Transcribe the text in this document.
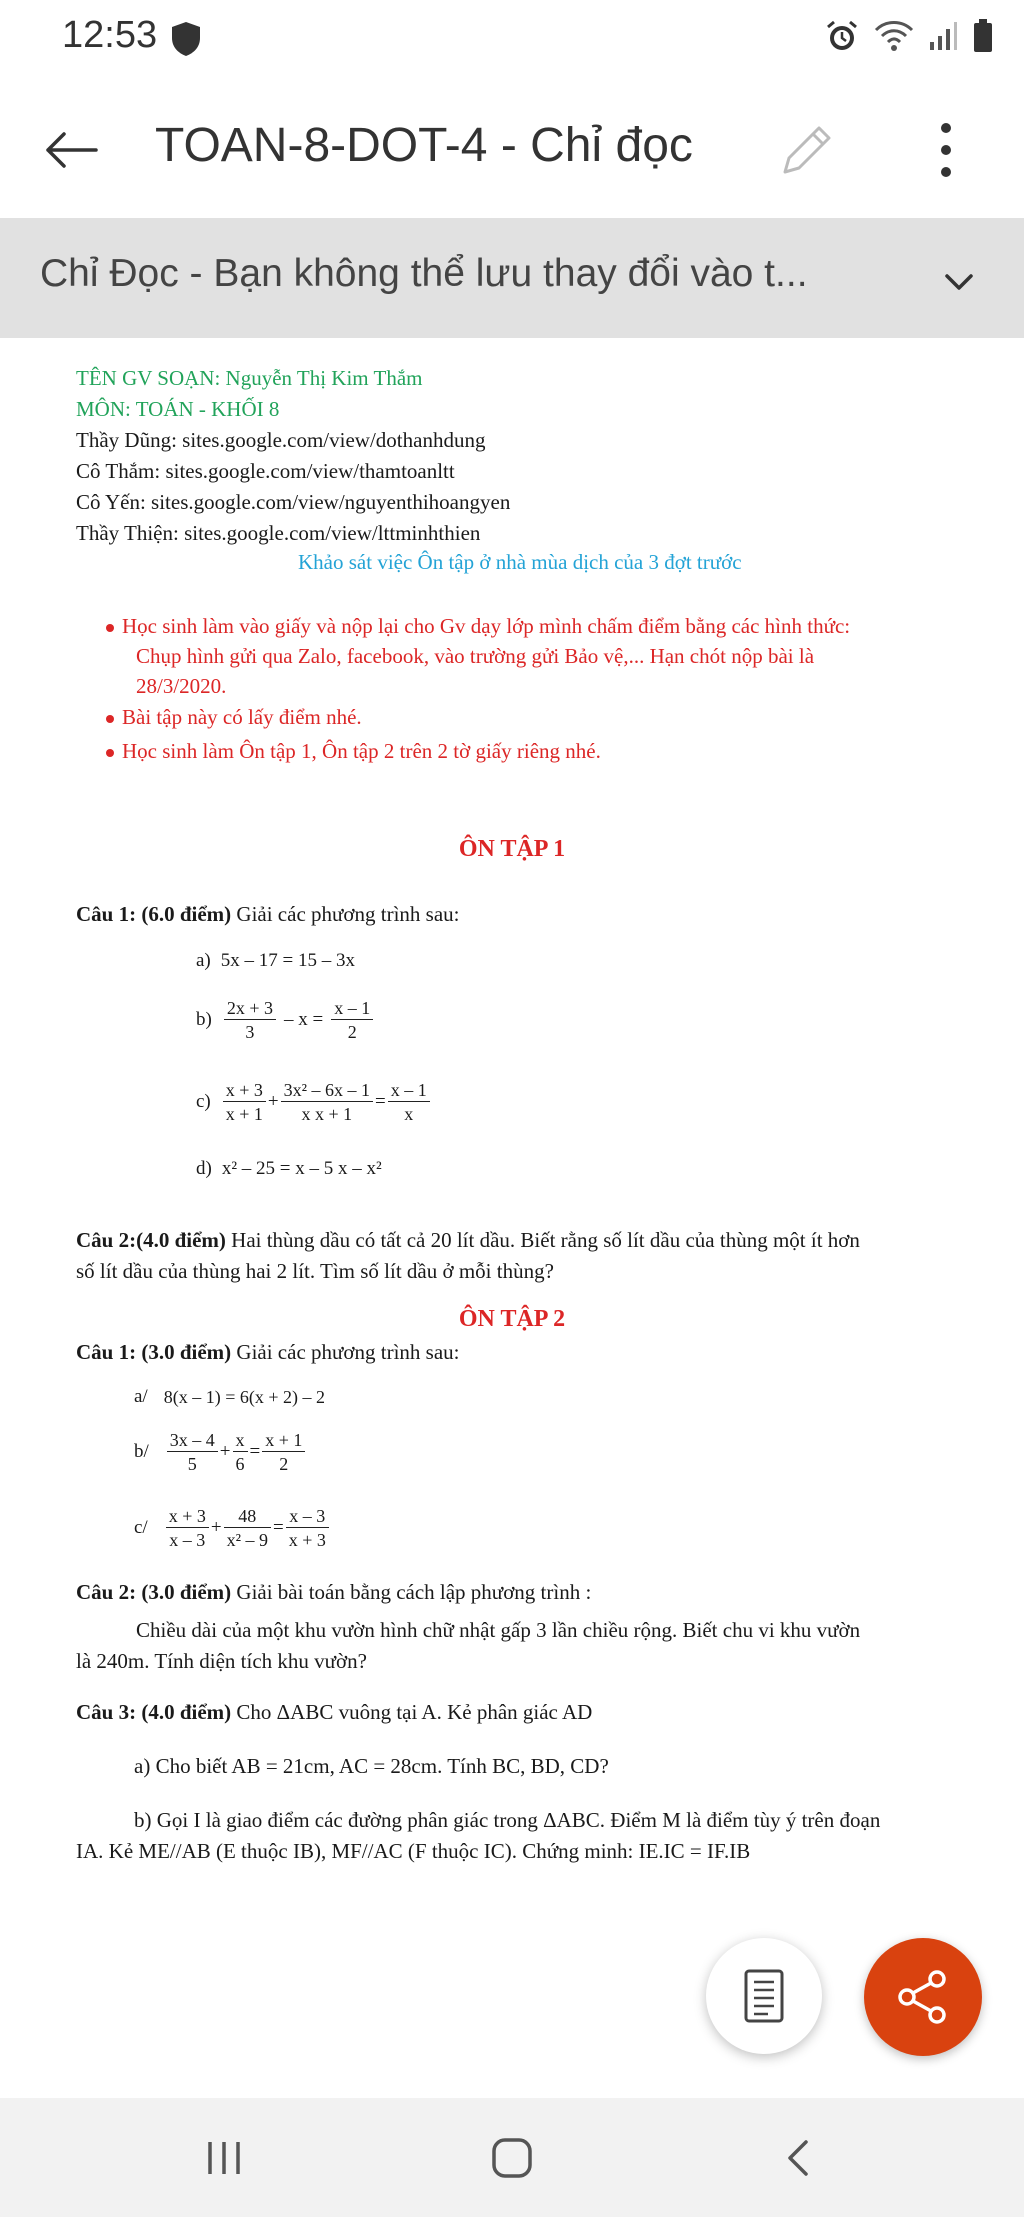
12:53
TOAN-8-DOT-4 - Chỉ đọc
Chỉ Đọc - Bạn không thể lưu thay đổi vào t...
TÊN GV SOẠN: Nguyễn Thị Kim Thắm
MÔN: TOÁN - KHỐI 8
Thầy Dũng: sites.google.com/view/dothanhdung
Cô Thắm: sites.google.com/view/thamtoanltt
Cô Yến: sites.google.com/view/nguyenthihoangyen
Thầy Thiện: sites.google.com/view/lttminhthien
Khảo sát việc Ôn tập ở nhà mùa dịch của 3 đợt trước
Học sinh làm vào giấy và nộp lại cho Gv dạy lớp mình chấm điểm bằng các hình thức:
Chụp hình gửi qua Zalo, facebook, vào trường gửi Bảo vệ,... Hạn chót nộp bài là
28/3/2020.
Bài tập này có lấy điểm nhé.
Học sinh làm Ôn tập 1, Ôn tập 2 trên 2 tờ giấy riêng nhé.
ÔN TẬP 1
Câu 1: (6.0 điểm) Giải các phương trình sau:
a) 5x – 17 = 15 – 3x
$b) \frac{2x + 3}{3} - x = \frac{x - 1}{2}$
$c) \frac{x + 3}{x + 1} + \frac{\text{3x² – 6x – 1}}{\text{x x + 1}} = \frac{x - 1}{x}$
d) x² – 25 = x – 5 x – x²
Câu 2:(4.0 điểm) Hai thùng dầu có tất cả 20 lít dầu. Biết rằng số lít dầu của thùng một ít hơn
số lít dầu của thùng hai 2 lít. Tìm số lít dầu ở mỗi thùng?
ÔN TẬP 2
Câu 1: (3.0 điểm) Giải các phương trình sau:
a/ 8(x – 1) = 6(x + 2) – 2
$b/ \frac{3x - 4}{5} + \frac{x}{6} = \frac{x + 1}{2}$
$c/ \frac{x + 3}{x - 3} + \frac{48}{\text{x² – 9}} = \frac{x - 3}{x + 3}$
Câu 2: (3.0 điểm) Giải bài toán bằng cách lập phương trình :
Chiều dài của một khu vườn hình chữ nhật gấp 3 lần chiều rộng. Biết chu vi khu vườn
là 240m. Tính diện tích khu vườn?
Câu 3: (4.0 điểm) Cho ΔABC vuông tại A. Kẻ phân giác AD
a) Cho biết AB = 21cm, AC = 28cm. Tính BC, BD, CD?
b) Gọi I là giao điểm các đường phân giác trong ΔABC. Điểm M là điểm tùy ý trên đoạn
IA. Kẻ ME//AB (E thuộc IB), MF//AC (F thuộc IC). Chứng minh: IE.IC = IF.IB
